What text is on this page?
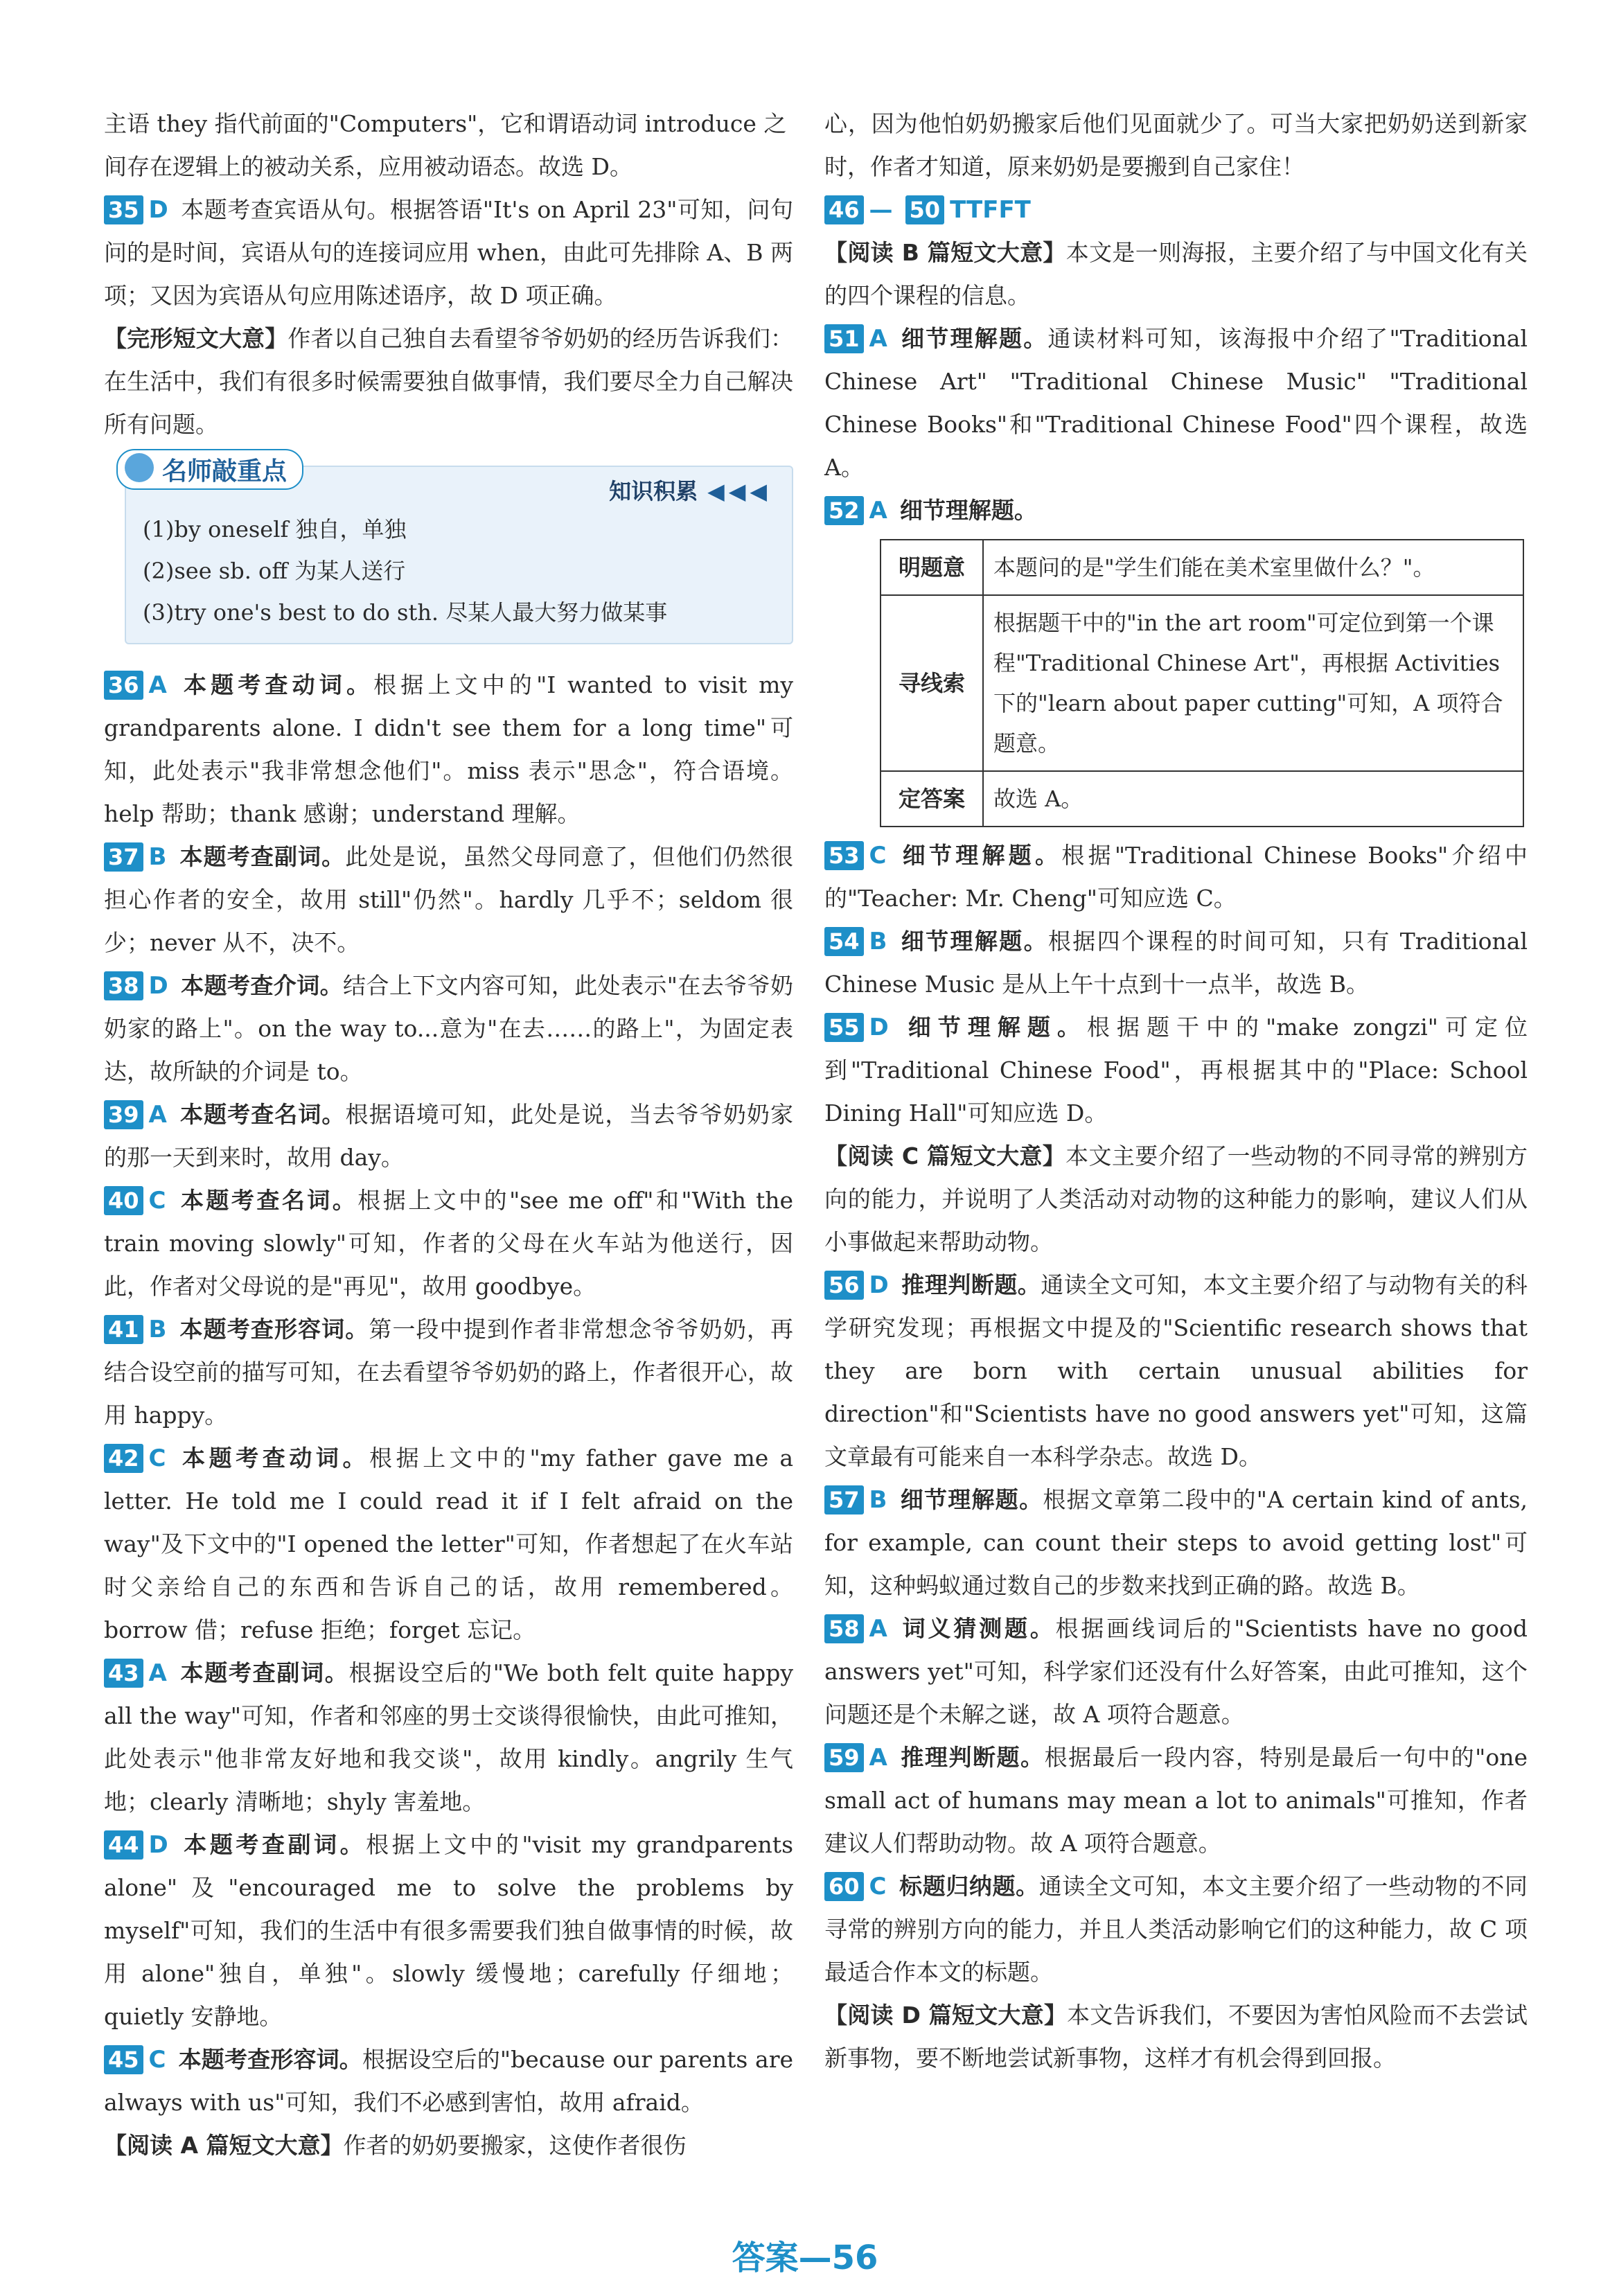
主语 they 指代前面的"Computers"，它和谓语动词 introduce 之

间存在逻辑上的被动关系，应用被动语态。故选 D。

35 D 本题考查宾语从句。根据答语"It's on April 23"可知，问句问的是时间，宾语从句的连接词应用 when，由此可先排除 A、B 两项；又因为宾语从句应用陈述语序，故 D 项正确。

【完形短文大意】作者以自己独自去看望爷爷奶奶的经历告诉我们：在生活中，我们有很多时候需要独自做事情，我们要尽全力自己解决所有问题。

名师敲重点
知识积累 ◀◀◀

(1)by oneself 独自，单独

(2)see sb. off 为某人送行

(3)try one's best to do sth. 尽某人最大努力做某事

36 A 本题考查动词。根据上文中的"I wanted to visit my grandparents alone. I didn't see them for a long time"可知，此处表示"我非常想念他们"。miss 表示"思念"，符合语境。help 帮助；thank 感谢；understand 理解。

37 B 本题考查副词。此处是说，虽然父母同意了，但他们仍然很担心作者的安全，故用 still"仍然"。hardly 几乎不；seldom 很少；never 从不，决不。

38 D 本题考查介词。结合上下文内容可知，此处表示"在去爷爷奶奶家的路上"。on the way to...意为"在去……的路上"，为固定表达，故所缺的介词是 to。

39 A 本题考查名词。根据语境可知，此处是说，当去爷爷奶奶家的那一天到来时，故用 day。

40 C 本题考查名词。根据上文中的"see me off"和"With the train moving slowly"可知，作者的父母在火车站为他送行，因此，作者对父母说的是"再见"，故用 goodbye。

41 B 本题考查形容词。第一段中提到作者非常想念爷爷奶奶，再结合设空前的描写可知，在去看望爷爷奶奶的路上，作者很开心，故用 happy。

42 C 本题考查动词。根据上文中的"my father gave me a letter. He told me I could read it if I felt afraid on the way"及下文中的"I opened the letter"可知，作者想起了在火车站时父亲给自己的东西和告诉自己的话，故用 remembered。borrow 借；refuse 拒绝；forget 忘记。

43 A 本题考查副词。根据设空后的"We both felt quite happy all the way"可知，作者和邻座的男士交谈得很愉快，由此可推知，此处表示"他非常友好地和我交谈"，故用 kindly。angrily 生气地；clearly 清晰地；shyly 害羞地。

44 D 本题考查副词。根据上文中的"visit my grandparents alone"及"encouraged me to solve the problems by myself"可知，我们的生活中有很多需要我们独自做事情的时候，故用 alone"独自，单独"。slowly 缓慢地；carefully 仔细地；quietly 安静地。

45 C 本题考查形容词。根据设空后的"because our parents are always with us"可知，我们不必感到害怕，故用 afraid。

【阅读 A 篇短文大意】作者的奶奶要搬家，这使作者很伤

心，因为他怕奶奶搬家后他们见面就少了。可当大家把奶奶送到新家时，作者才知道，原来奶奶是要搬到自己家住！

46 — 50 TTFFT

【阅读 B 篇短文大意】本文是一则海报，主要介绍了与中国文化有关的四个课程的信息。

51 A 细节理解题。通读材料可知，该海报中介绍了"Traditional Chinese Art" "Traditional Chinese Music" "Traditional Chinese Books"和"Traditional Chinese Food"四个课程，故选 A。

52 A 细节理解题。

明题意	本题问的是"学生们能在美术室里做什么？"。
寻线索	根据题干中的"in the art room"可定位到第一个课程"Traditional Chinese Art"，再根据 Activities 下的"learn about paper cutting"可知，A 项符合题意。
定答案	故选 A。

53 C 细节理解题。根据"Traditional Chinese Books"介绍中的"Teacher: Mr. Cheng"可知应选 C。

54 B 细节理解题。根据四个课程的时间可知，只有 Traditional Chinese Music 是从上午十点到十一点半，故选 B。

55 D 细节理解题。根据题干中的"make zongzi"可定位到"Traditional Chinese Food"，再根据其中的"Place: School Dining Hall"可知应选 D。

【阅读 C 篇短文大意】本文主要介绍了一些动物的不同寻常的辨别方向的能力，并说明了人类活动对动物的这种能力的影响，建议人们从小事做起来帮助动物。

56 D 推理判断题。通读全文可知，本文主要介绍了与动物有关的科学研究发现；再根据文中提及的"Scientific research shows that they are born with certain unusual abilities for direction"和"Scientists have no good answers yet"可知，这篇文章最有可能来自一本科学杂志。故选 D。

57 B 细节理解题。根据文章第二段中的"A certain kind of ants, for example, can count their steps to avoid getting lost"可知，这种蚂蚁通过数自己的步数来找到正确的路。故选 B。

58 A 词义猜测题。根据画线词后的"Scientists have no good answers yet"可知，科学家们还没有什么好答案，由此可推知，这个问题还是个未解之谜，故 A 项符合题意。

59 A 推理判断题。根据最后一段内容，特别是最后一句中的"one small act of humans may mean a lot to animals"可推知，作者建议人们帮助动物。故 A 项符合题意。

60 C 标题归纳题。通读全文可知，本文主要介绍了一些动物的不同寻常的辨别方向的能力，并且人类活动影响它们的这种能力，故 C 项最适合作本文的标题。

【阅读 D 篇短文大意】本文告诉我们，不要因为害怕风险而不去尝试新事物，要不断地尝试新事物，这样才有机会得到回报。

答案—56
